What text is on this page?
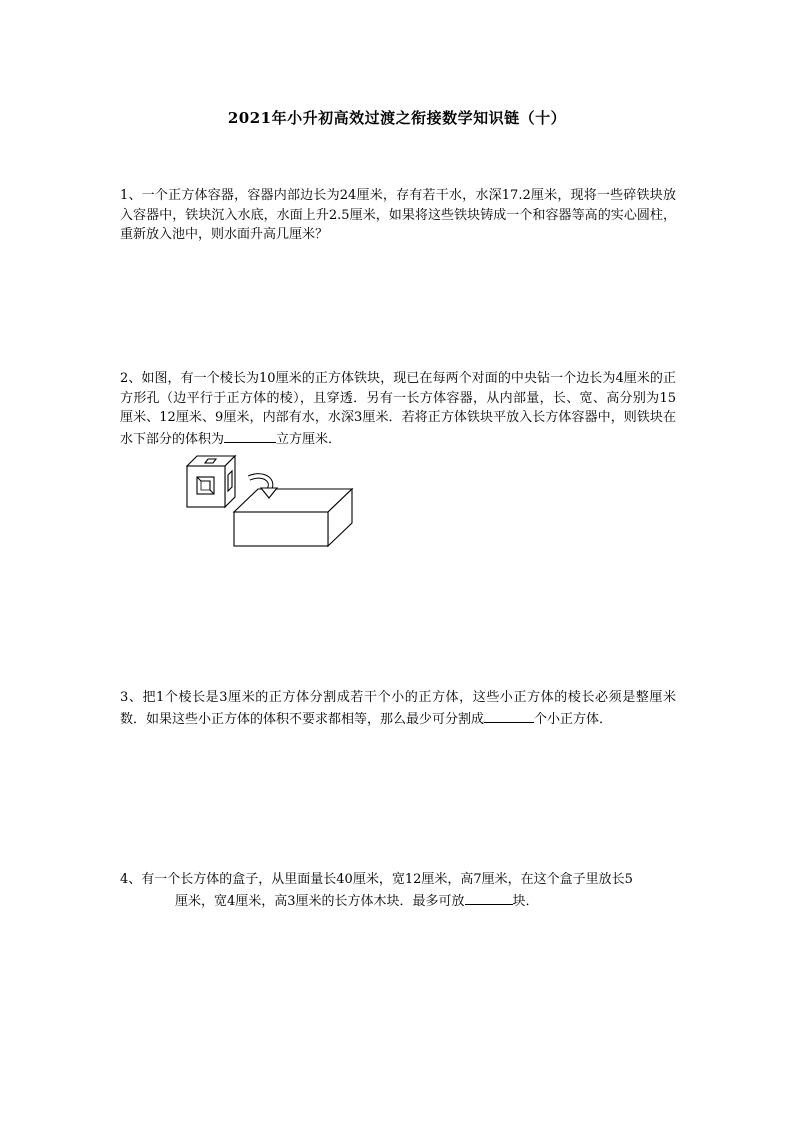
2021年小升初高效过渡之衔接数学知识链（十）
1、一个正方体容器，容器内部边长为24厘米，存有若干水，水深17.2厘米，现将一些碎铁块放入容器中，铁块沉入水底，水面上升2.5厘米，如果将这些铁块铸成一个和容器等高的实心圆柱，重新放入池中，则水面升高几厘米？
2、如图，有一个棱长为10厘米的正方体铁块，现已在每两个对面的中央钻一个边长为4厘米的正方形孔（边平行于正方体的棱），且穿透．另有一长方体容器，从内部量，长、宽、高分别为15厘米、12厘米、9厘米，内部有水，水深3厘米．若将正方体铁块平放入长方体容器中，则铁块在水下部分的体积为	立方厘米．
3、把1个棱长是3厘米的正方体分割成若干个小的正方体，这些小正方体的棱长必须是整厘米数．如果这些小正方体的体积不要求都相等，那么最少可分割成	个小正方体．
4、有一个长方体的盒子，从里面量长40厘米，宽12厘米，高7厘米，在这个盒子里放长5
厘米，宽4厘米，高3厘米的长方体木块．最多可放	块．
